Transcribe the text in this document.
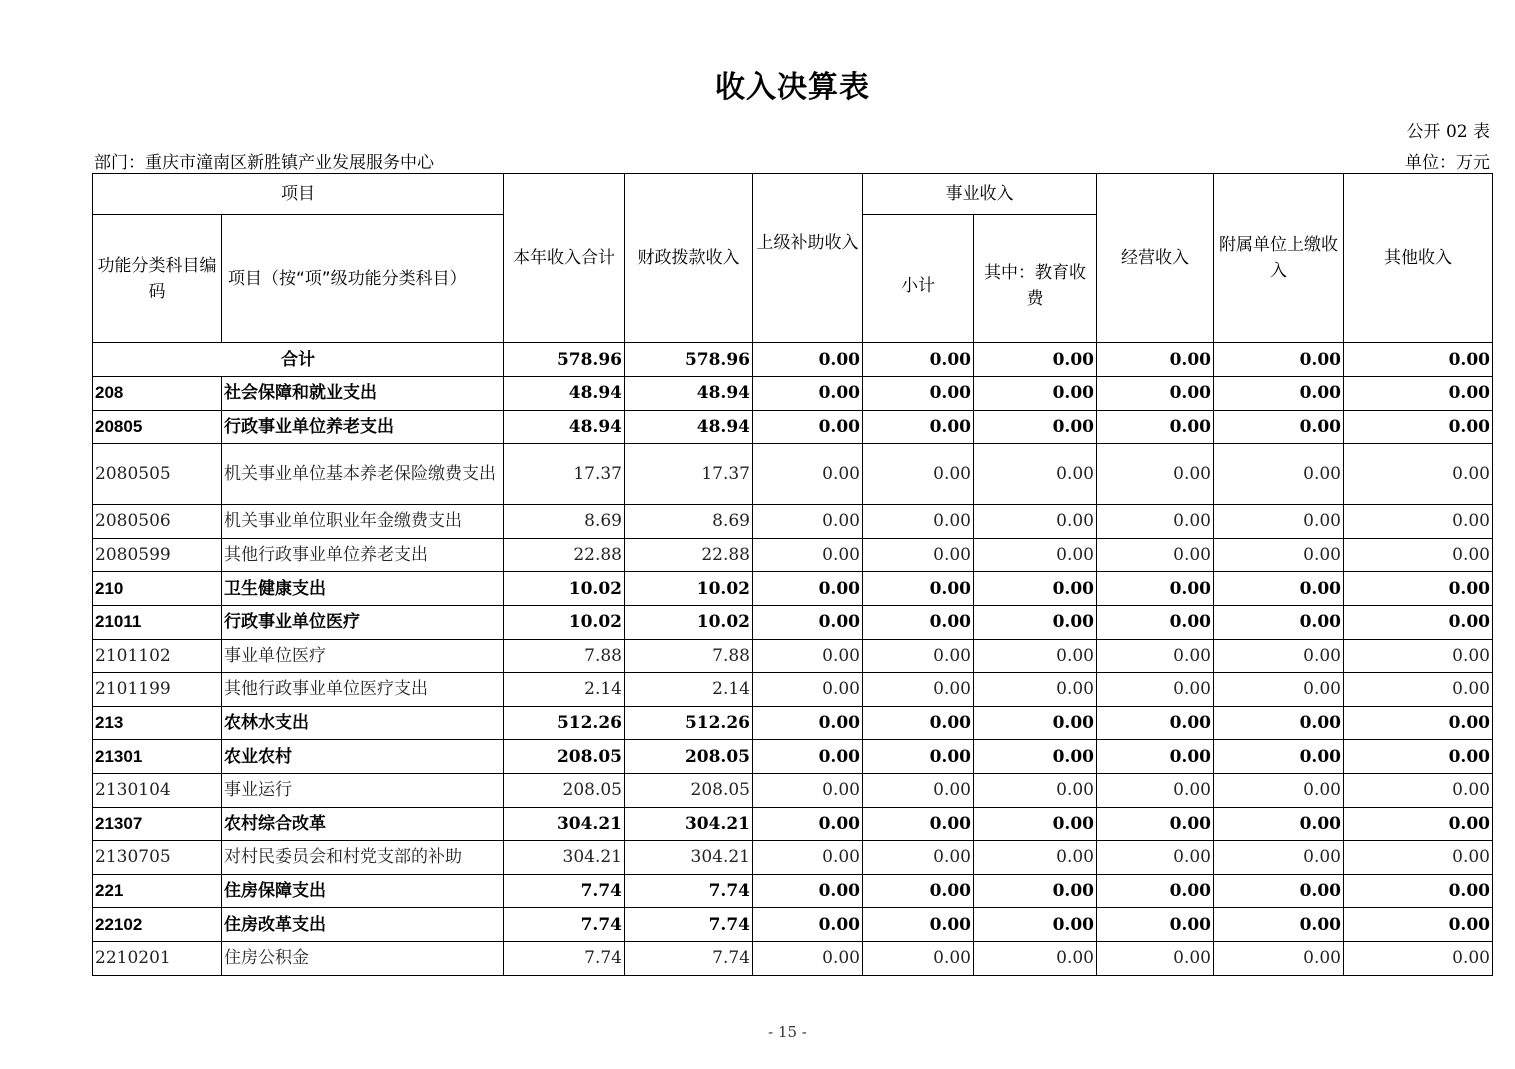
收入决算表
公开 02 表
部门：重庆市潼南区新胜镇产业发展服务中心	单位：万元
项目		本年收入合计	财政拨款收入	上级补助收入	事业收入		经营收入	附属单位上缴收入	其他收入
功能分类科目编码	项目（按“项”级功能分类科目）				小计	其中：教育收费			
合计		578.96	578.96	0.00	0.00	0.00	0.00	0.00	0.00
208	社会保障和就业支出	48.94	48.94	0.00	0.00	0.00	0.00	0.00	0.00
20805	行政事业单位养老支出	48.94	48.94	0.00	0.00	0.00	0.00	0.00	0.00
2080505	机关事业单位基本养老保险缴费支出	17.37	17.37	0.00	0.00	0.00	0.00	0.00	0.00
2080506	机关事业单位职业年金缴费支出	8.69	8.69	0.00	0.00	0.00	0.00	0.00	0.00
2080599	其他行政事业单位养老支出	22.88	22.88	0.00	0.00	0.00	0.00	0.00	0.00
210	卫生健康支出	10.02	10.02	0.00	0.00	0.00	0.00	0.00	0.00
21011	行政事业单位医疗	10.02	10.02	0.00	0.00	0.00	0.00	0.00	0.00
2101102	事业单位医疗	7.88	7.88	0.00	0.00	0.00	0.00	0.00	0.00
2101199	其他行政事业单位医疗支出	2.14	2.14	0.00	0.00	0.00	0.00	0.00	0.00
213	农林水支出	512.26	512.26	0.00	0.00	0.00	0.00	0.00	0.00
21301	农业农村	208.05	208.05	0.00	0.00	0.00	0.00	0.00	0.00
2130104	事业运行	208.05	208.05	0.00	0.00	0.00	0.00	0.00	0.00
21307	农村综合改革	304.21	304.21	0.00	0.00	0.00	0.00	0.00	0.00
2130705	对村民委员会和村党支部的补助	304.21	304.21	0.00	0.00	0.00	0.00	0.00	0.00
221	住房保障支出	7.74	7.74	0.00	0.00	0.00	0.00	0.00	0.00
22102	住房改革支出	7.74	7.74	0.00	0.00	0.00	0.00	0.00	0.00
2210201	住房公积金	7.74	7.74	0.00	0.00	0.00	0.00	0.00	0.00
- 15 -
